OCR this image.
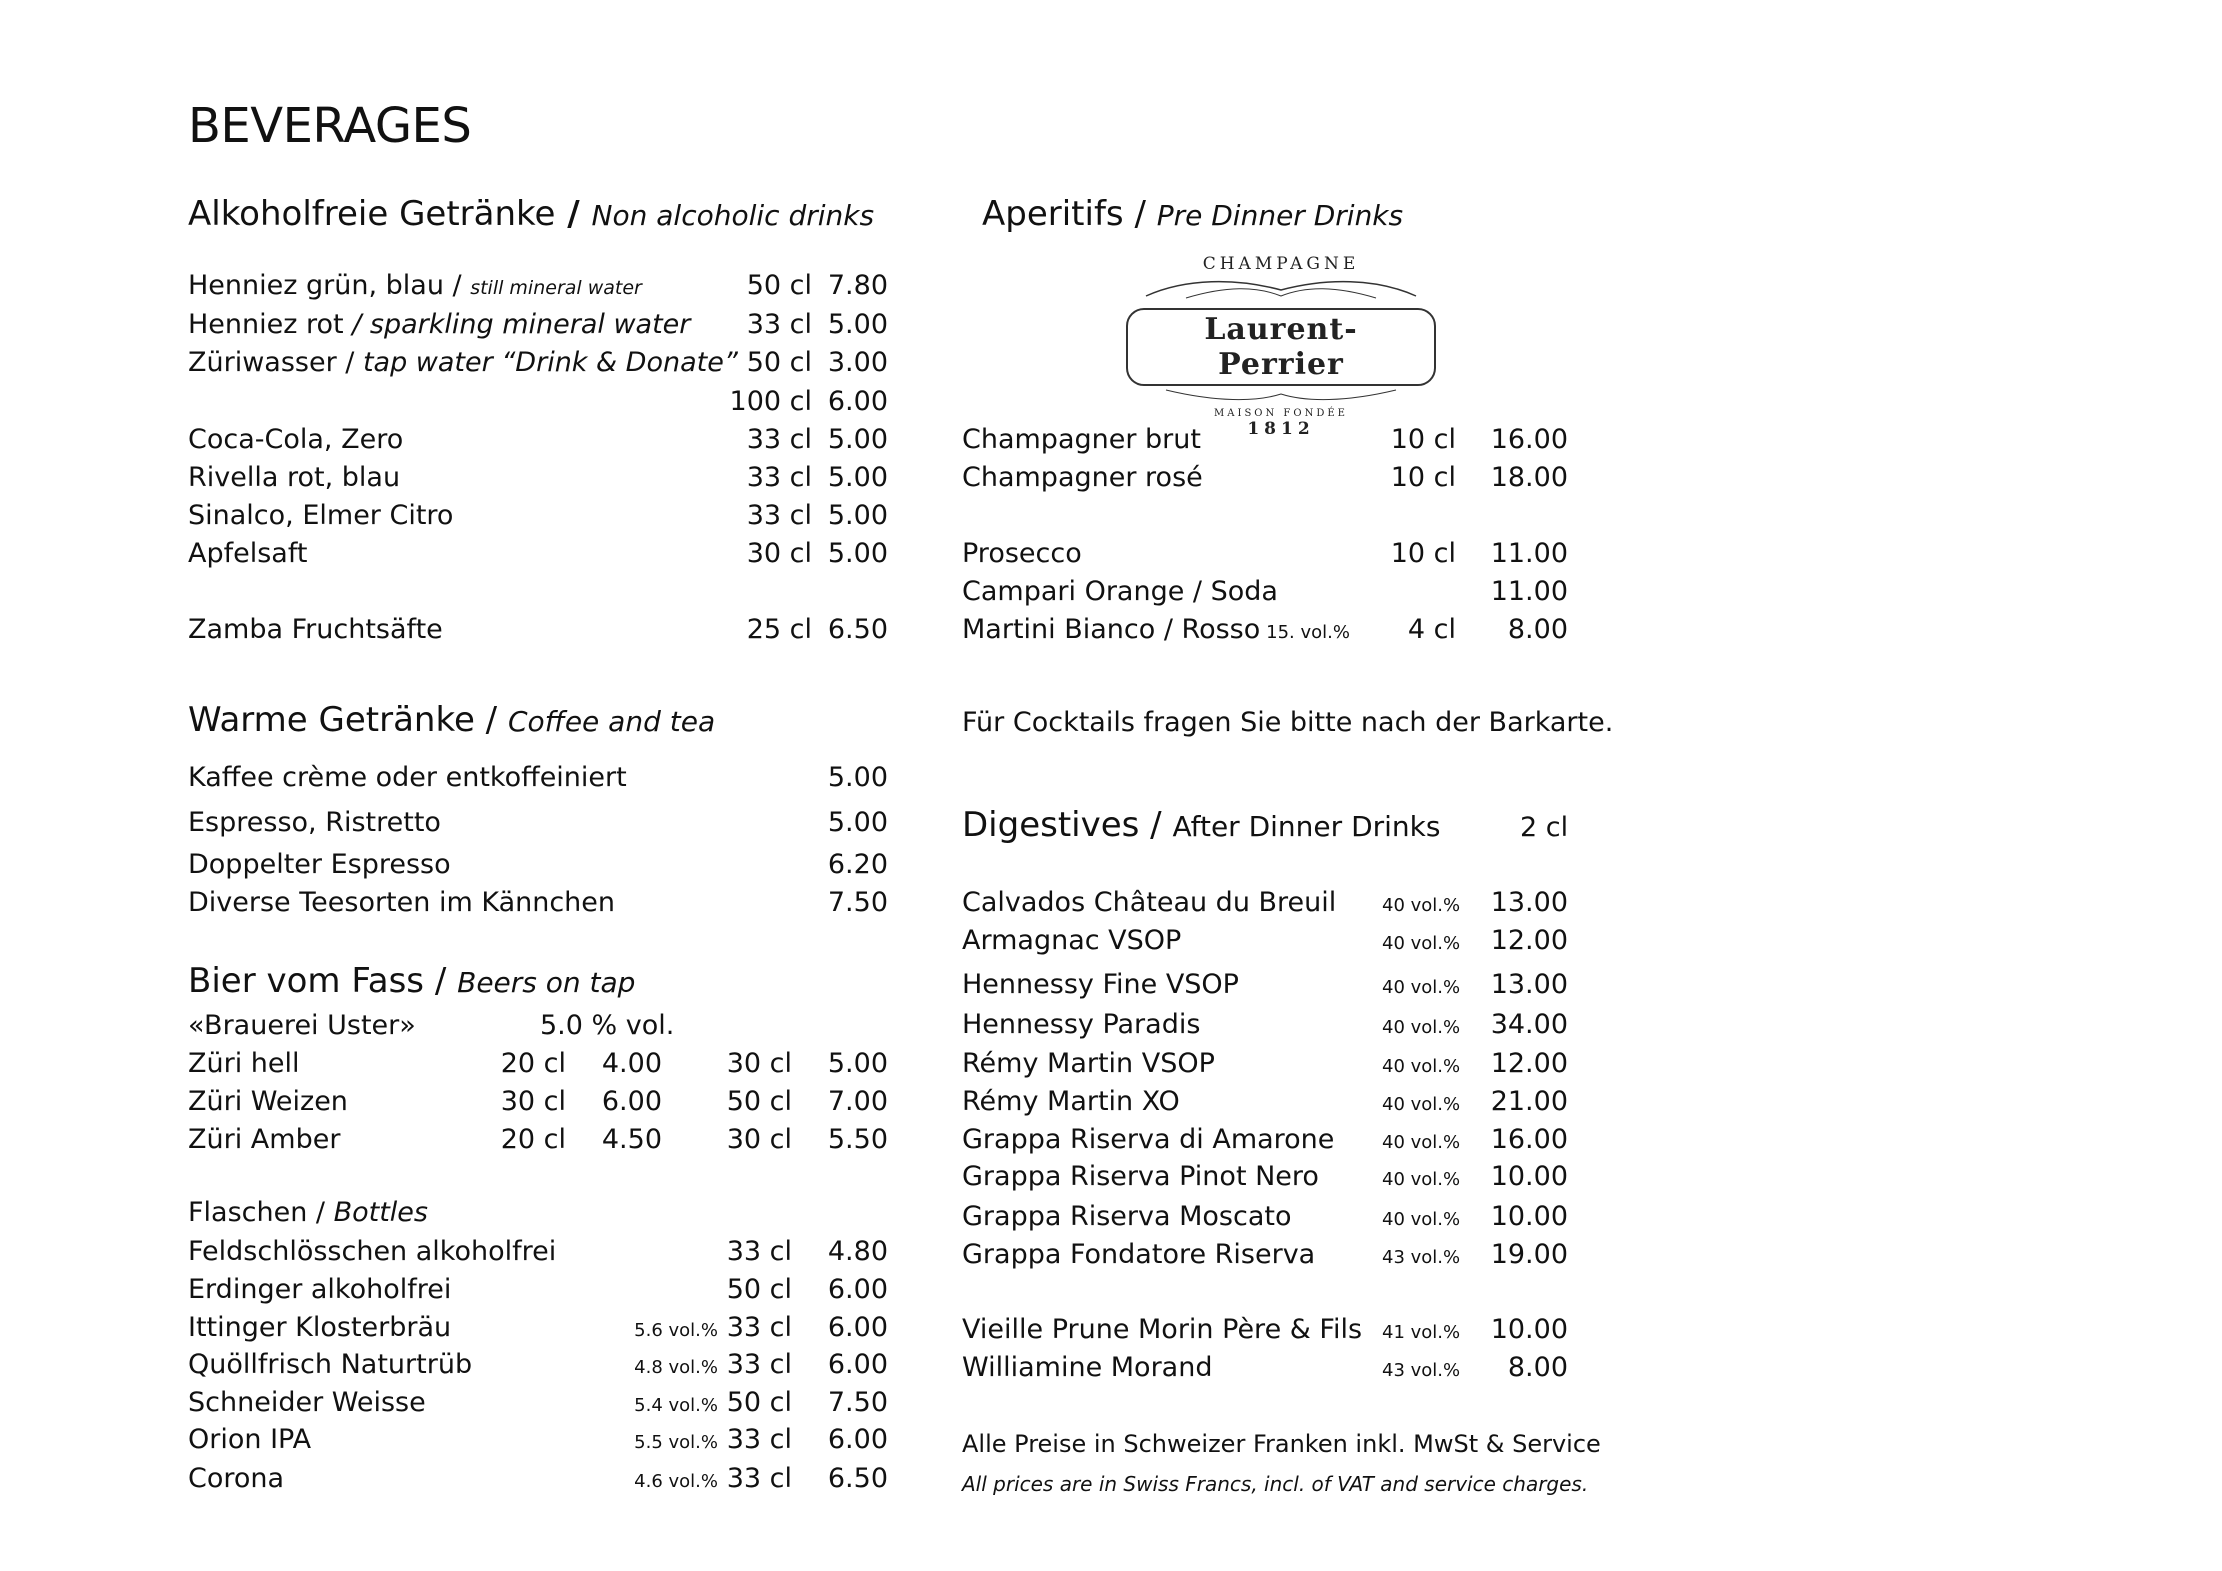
BEVERAGES
Alkoholfreie Getränke / Non alcoholic drinks
Henniez grün, blau / still mineral water	50 cl 7.80
Henniez rot / sparkling mineral water 33 cl 5.00
Züriwasser / tap water “Drink & Donate” 50 cl 3.00
100 cl 6.00
Coca-Cola, Zero	33 cl 5.00
Rivella rot, blau	33 cl 5.00
Sinalco, Elmer Citro	33 cl 5.00
Apfelsaft	30 cl 5.00
Zamba Fruchtsäfte	25 cl 6.50
Warme Getränke / Coffee and tea
Kaffee crème oder entkoffeiniert	5.00
Espresso, Ristretto	5.00
Doppelter Espresso	6.20
Diverse Teesorten im Kännchen	7.50
Bier vom Fass / Beers on tap
«Brauerei Uster»	5.0 % vol.
Züri hell	20 cl 4.00 30 cl 5.00
Züri Weizen	30 cl 6.00 50 cl 7.00
Züri Amber	20 cl 4.50 30 cl 5.50
Flaschen / Bottles
Feldschlösschen alkoholfrei	33 cl 4.80
Erdinger alkoholfrei	50 cl 6.00
Ittinger Klosterbräu	5.6 vol.% 33 cl 6.00
Quöllfrisch Naturtrüb	4.8 vol.% 33 cl 6.00
Schneider Weisse	5.4 vol.% 50 cl 7.50
Orion IPA	5.5 vol.% 33 cl 6.00
Corona	4.6 vol.% 33 cl 6.50
Aperitifs / Pre Dinner Drinks
CHAMPAGNE
Laurent-Perrier
MAISON FONDÉE
1812
Champagner brut	10 cl 16.00
Champagner rosé	10 cl 18.00
Prosecco	10 cl 11.00
Campari Orange / Soda	11.00
Martini Bianco / Rosso 15. vol.% 4 cl 8.00
Für Cocktails fragen Sie bitte nach der Barkarte.
Digestives / After Dinner Drinks	2 cl
Calvados Château du Breuil	40 vol.% 13.00
Armagnac VSOP	40 vol.% 12.00
Hennessy Fine VSOP	40 vol.% 13.00
Hennessy Paradis	40 vol.% 34.00
Rémy Martin VSOP	40 vol.% 12.00
Rémy Martin XO	40 vol.% 21.00
Grappa Riserva di Amarone	40 vol.% 16.00
Grappa Riserva Pinot Nero	40 vol.% 10.00
Grappa Riserva Moscato	40 vol.% 10.00
Grappa Fondatore Riserva	43 vol.% 19.00
Vieille Prune Morin Père & Fils 41 vol.% 10.00
Williamine Morand	43 vol.% 8.00
Alle Preise in Schweizer Franken inkl. MwSt & Service
All prices are in Swiss Francs, incl. of VAT and service charges.
